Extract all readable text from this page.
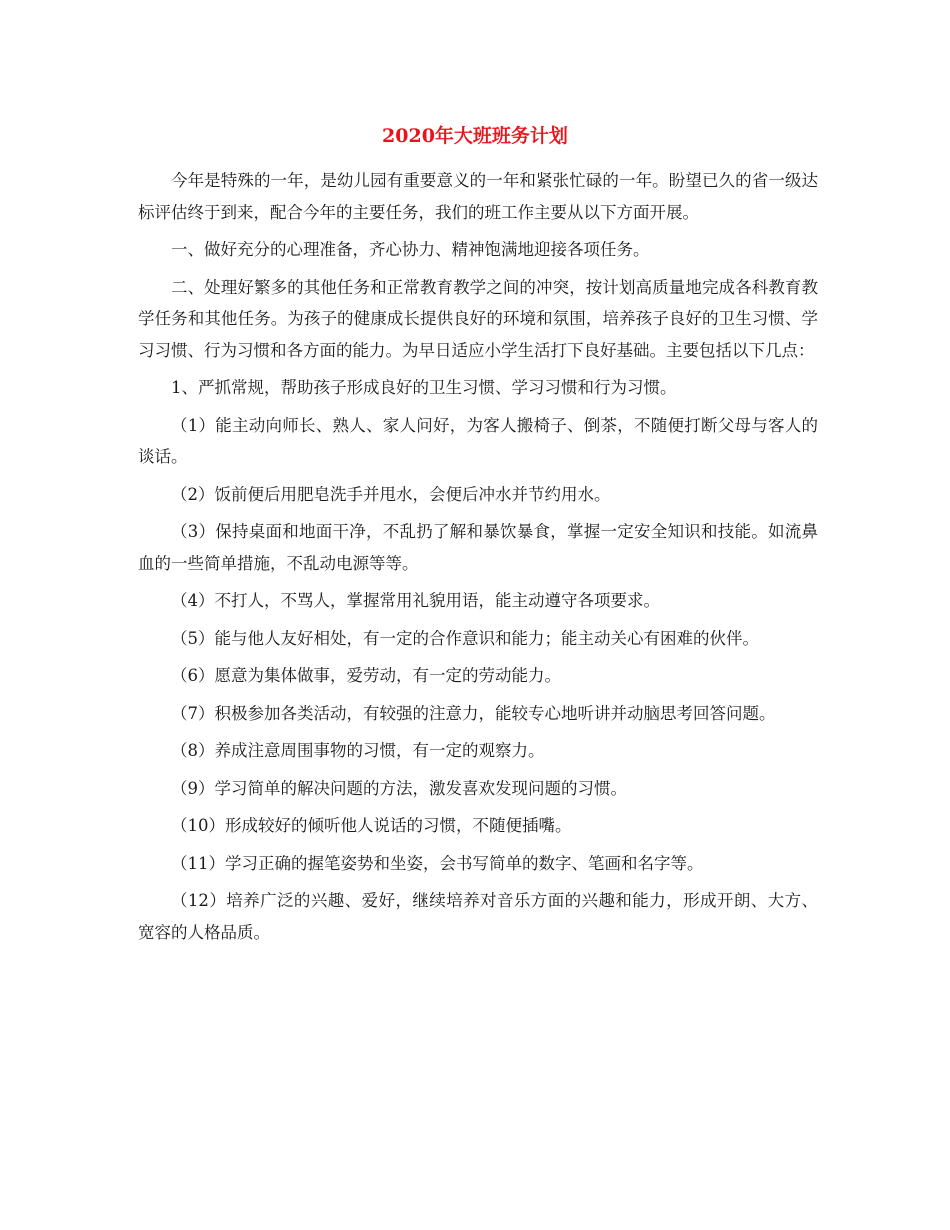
2020年大班班务计划

今年是特殊的一年，是幼儿园有重要意义的一年和紧张忙碌的一年。盼望已久的省一级达标评估终于到来，配合今年的主要任务，我们的班工作主要从以下方面开展。

一、做好充分的心理准备，齐心协力、精神饱满地迎接各项任务。

二、处理好繁多的其他任务和正常教育教学之间的冲突，按计划高质量地完成各科教育教学任务和其他任务。为孩子的健康成长提供良好的环境和氛围，培养孩子良好的卫生习惯、学习习惯、行为习惯和各方面的能力。为早日适应小学生活打下良好基础。主要包括以下几点：

1、严抓常规，帮助孩子形成良好的卫生习惯、学习习惯和行为习惯。

（1）能主动向师长、熟人、家人问好，为客人搬椅子、倒茶，不随便打断父母与客人的谈话。

（2）饭前便后用肥皂洗手并甩水，会便后冲水并节约用水。

（3）保持桌面和地面干净，不乱扔了解和暴饮暴食，掌握一定安全知识和技能。如流鼻血的一些简单措施，不乱动电源等等。

（4）不打人，不骂人，掌握常用礼貌用语，能主动遵守各项要求。

（5）能与他人友好相处，有一定的合作意识和能力；能主动关心有困难的伙伴。

（6）愿意为集体做事，爱劳动，有一定的劳动能力。

（7）积极参加各类活动，有较强的注意力，能较专心地听讲并动脑思考回答问题。

（8）养成注意周围事物的习惯，有一定的观察力。

（9）学习简单的解决问题的方法，激发喜欢发现问题的习惯。

（10）形成较好的倾听他人说话的习惯，不随便插嘴。

（11）学习正确的握笔姿势和坐姿，会书写简单的数字、笔画和名字等。

（12）培养广泛的兴趣、爱好，继续培养对音乐方面的兴趣和能力，形成开朗、大方、宽容的人格品质。
